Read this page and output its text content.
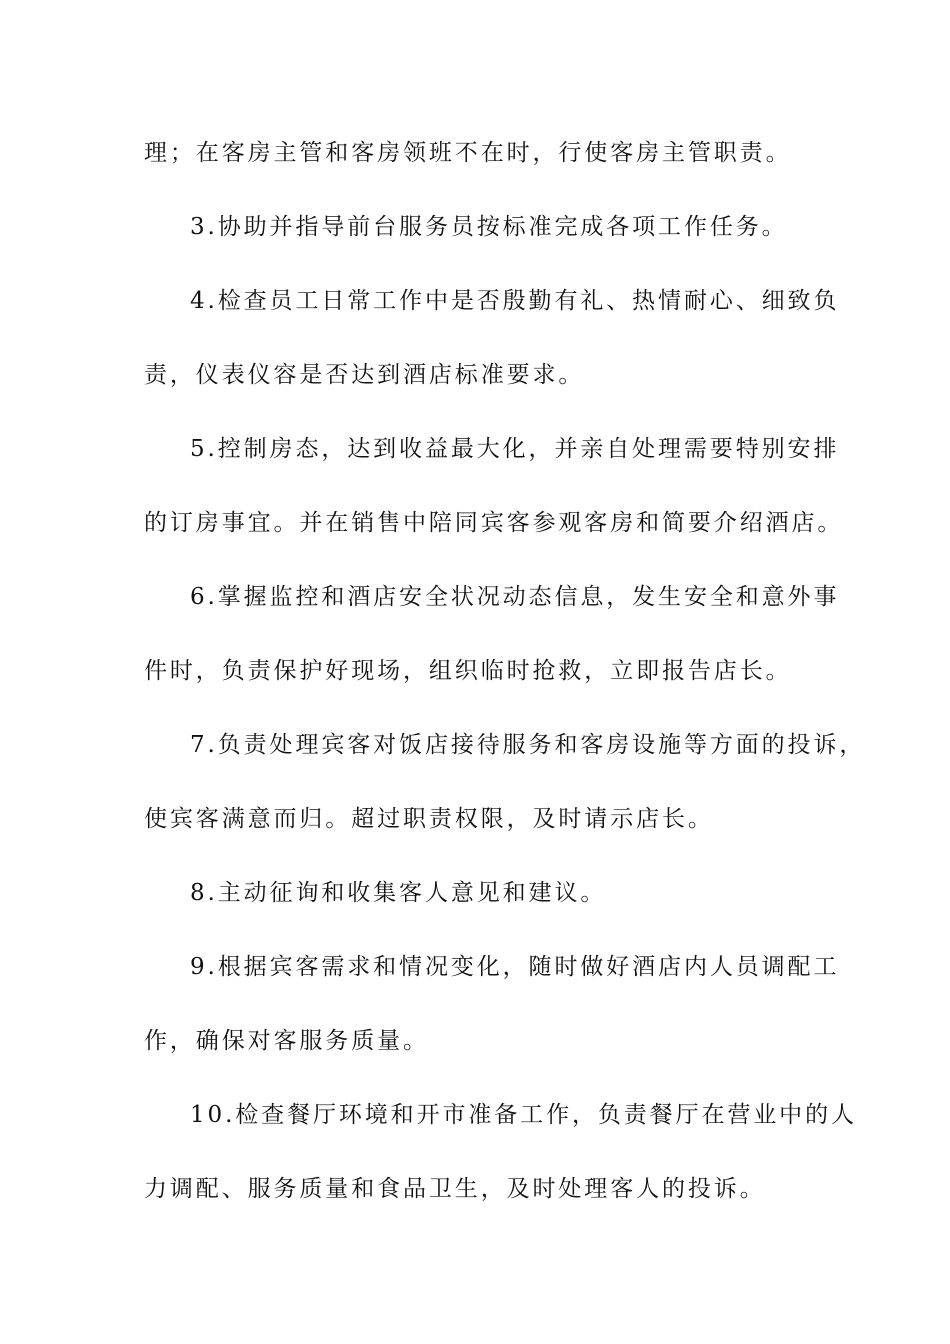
理；在客房主管和客房领班不在时，行使客房主管职责。
3.协助并指导前台服务员按标准完成各项工作任务。
4.检查员工日常工作中是否殷勤有礼、热情耐心、细致负
责，仪表仪容是否达到酒店标准要求。
5.控制房态，达到收益最大化，并亲自处理需要特别安排
的订房事宜。并在销售中陪同宾客参观客房和简要介绍酒店。
6.掌握监控和酒店安全状况动态信息，发生安全和意外事
件时，负责保护好现场，组织临时抢救，立即报告店长。
7.负责处理宾客对饭店接待服务和客房设施等方面的投诉，
使宾客满意而归。超过职责权限，及时请示店长。
8.主动征询和收集客人意见和建议。
9.根据宾客需求和情况变化，随时做好酒店内人员调配工
作，确保对客服务质量。
10.检查餐厅环境和开市准备工作，负责餐厅在营业中的人
力调配、服务质量和食品卫生，及时处理客人的投诉。
